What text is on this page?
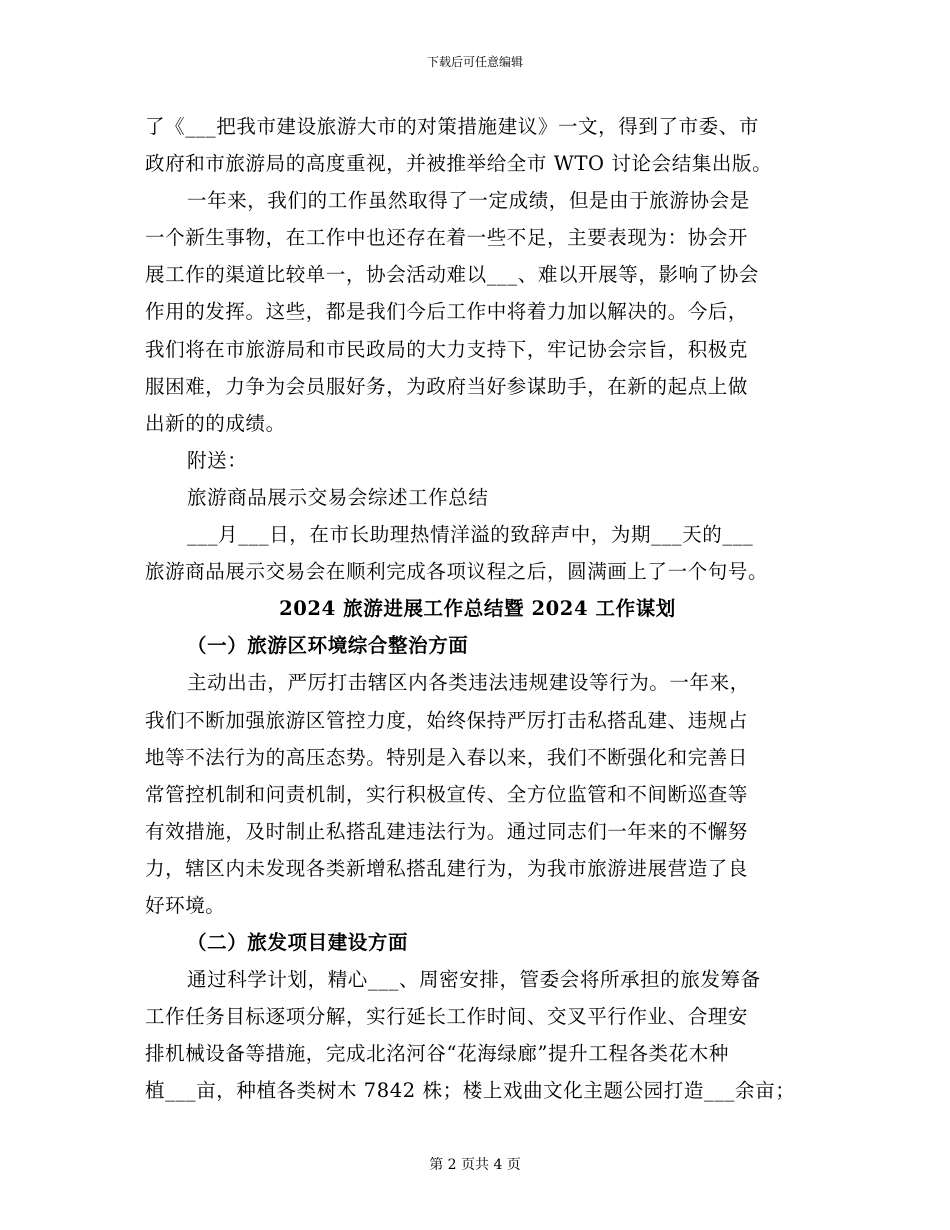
下载后可任意编辑

了《___把我市建设旅游大市的对策措施建议》一文，得到了市委、市

政府和市旅游局的高度重视，并被推举给全市 WTO 讨论会结集出版。

一年来，我们的工作虽然取得了一定成绩，但是由于旅游协会是

一个新生事物，在工作中也还存在着一些不足，主要表现为：协会开

展工作的渠道比较单一，协会活动难以___、难以开展等，影响了协会

作用的发挥。这些，都是我们今后工作中将着力加以解决的。今后，

我们将在市旅游局和市民政局的大力支持下，牢记协会宗旨，积极克

服困难，力争为会员服好务，为政府当好参谋助手，在新的起点上做

出新的的成绩。

附送：

旅游商品展示交易会综述工作总结

___月___日，在市长助理热情洋溢的致辞声中，为期___天的___

旅游商品展示交易会在顺利完成各项议程之后，圆满画上了一个句号。

2024 旅游进展工作总结暨 2024 工作谋划

（一）旅游区环境综合整治方面

主动出击，严厉打击辖区内各类违法违规建设等行为。一年来，

我们不断加强旅游区管控力度，始终保持严厉打击私搭乱建、违规占

地等不法行为的高压态势。特别是入春以来，我们不断强化和完善日

常管控机制和问责机制，实行积极宣传、全方位监管和不间断巡查等

有效措施，及时制止私搭乱建违法行为。通过同志们一年来的不懈努

力，辖区内未发现各类新增私搭乱建行为，为我市旅游进展营造了良

好环境。

（二）旅发项目建设方面

通过科学计划，精心___、周密安排，管委会将所承担的旅发筹备

工作任务目标逐项分解，实行延长工作时间、交叉平行作业、合理安

排机械设备等措施，完成北洺河谷“花海绿廊”提升工程各类花木种

植___亩，种植各类树木 7842 株；楼上戏曲文化主题公园打造___余亩；

第 2 页共 4 页
